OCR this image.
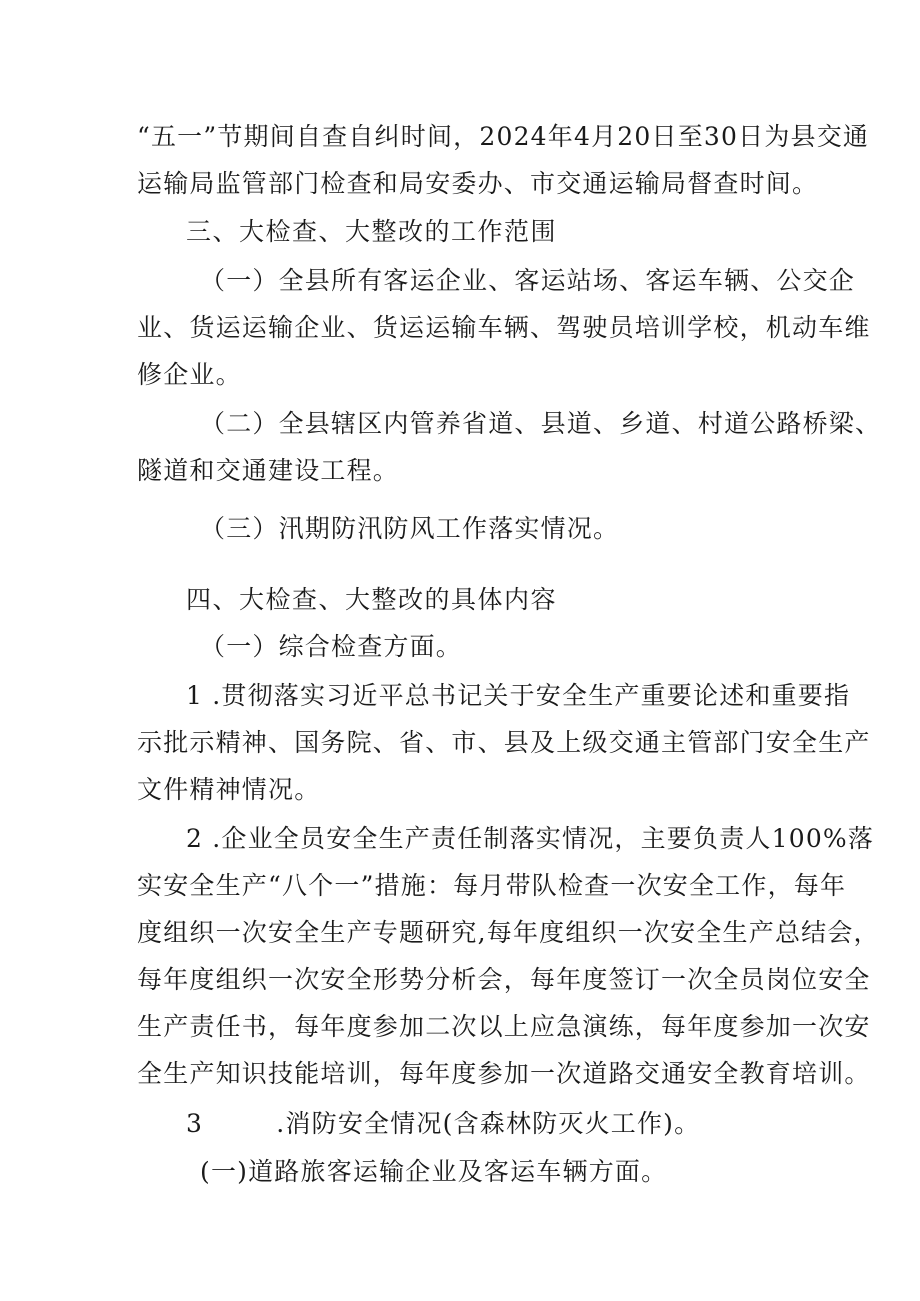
“五一”节期间自查自纠时间，2024年4月20日至30日为县交通
运输局监管部门检查和局安委办、市交通运输局督查时间。
三、大检查、大整改的工作范围
（一）全县所有客运企业、客运站场、客运车辆、公交企
业、货运运输企业、货运运输车辆、驾驶员培训学校，机动车维
修企业。
（二）全县辖区内管养省道、县道、乡道、村道公路桥梁、
隧道和交通建设工程。
（三）汛期防汛防风工作落实情况。
四、大检查、大整改的具体内容
（一）综合检查方面。
1 .贯彻落实习近平总书记关于安全生产重要论述和重要指
示批示精神、国务院、省、市、县及上级交通主管部门安全生产
文件精神情况。
2 .企业全员安全生产责任制落实情况，主要负责人100%落
实安全生产“八个一”措施：每月带队检查一次安全工作，每年
度组织一次安全生产专题研究,每年度组织一次安全生产总结会，
每年度组织一次安全形势分析会，每年度签订一次全员岗位安全
生产责任书，每年度参加二次以上应急演练，每年度参加一次安
全生产知识技能培训，每年度参加一次道路交通安全教育培训。
3        .消防安全情况(含森林防灭火工作)。
(一)道路旅客运输企业及客运车辆方面。
